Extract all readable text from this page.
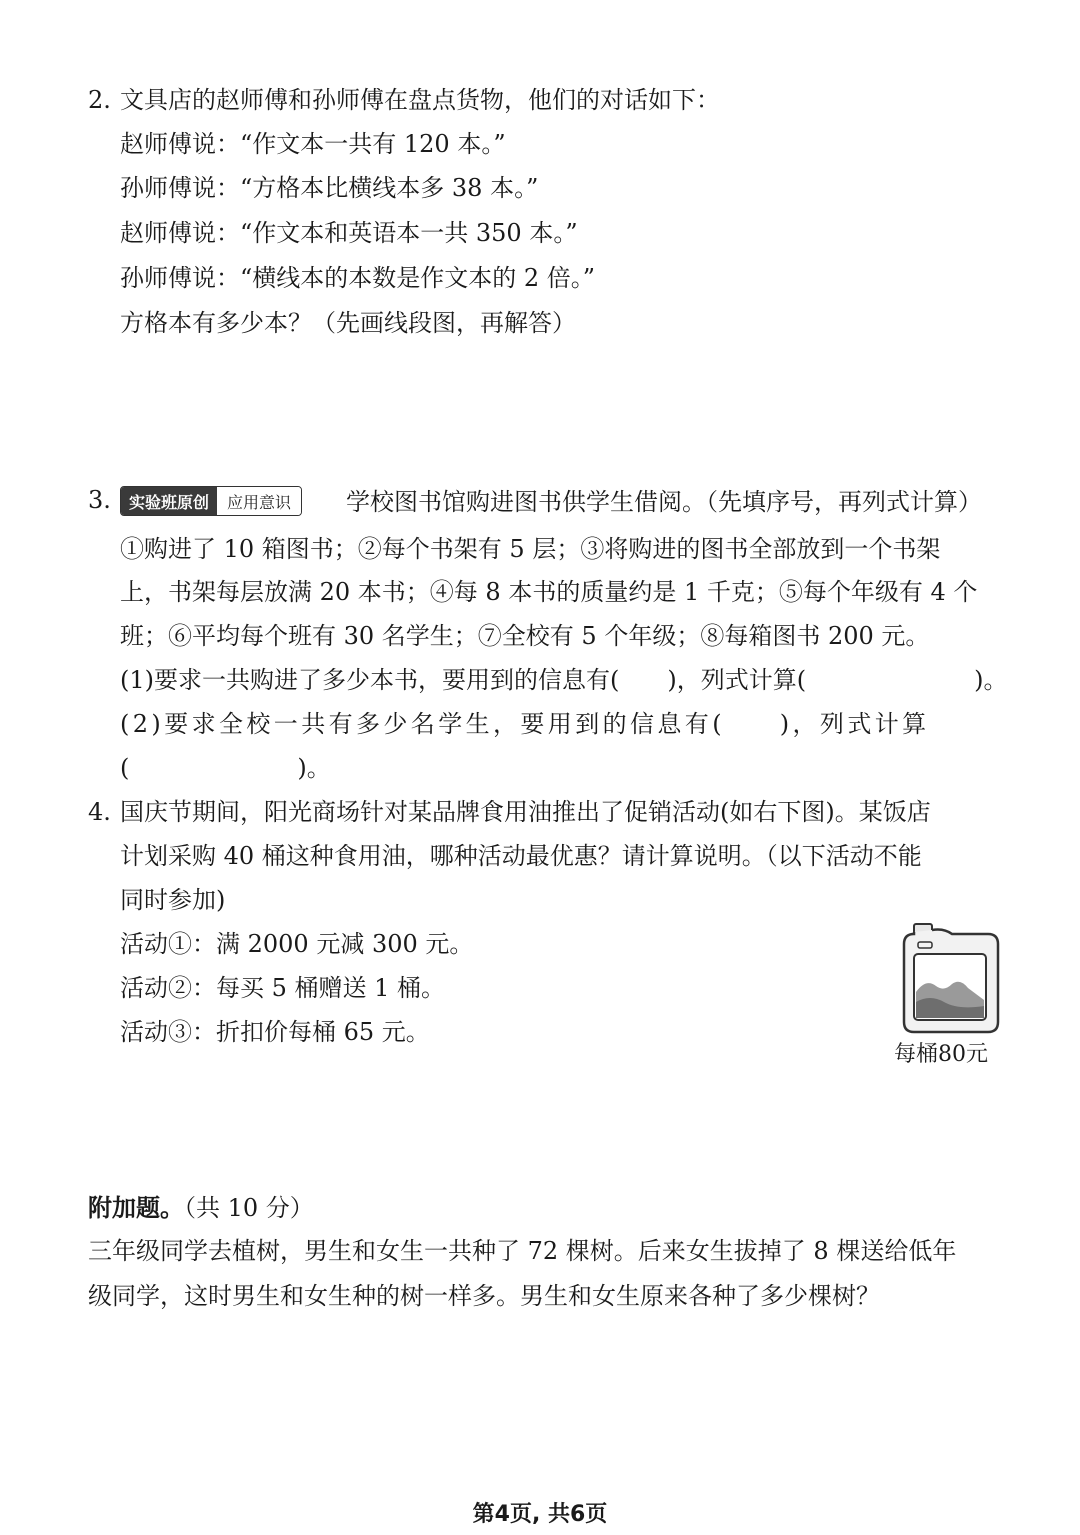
2. 文具店的赵师傅和孙师傅在盘点货物，他们的对话如下：
赵师傅说：“作文本一共有 120 本。”
孙师傅说：“方格本比横线本多 38 本。”
赵师傅说：“作文本和英语本一共 350 本。”
孙师傅说：“横线本的本数是作文本的 2 倍。”
方格本有多少本？（先画线段图，再解答）
3.	实验班原创	应用意识	学校图书馆购进图书供学生借阅。（先填序号，再列式计算）
①购进了 10 箱图书；②每个书架有 5 层；③将购进的图书全部放到一个书架
上，书架每层放满 20 本书；④每 8 本书的质量约是 1 千克；⑤每个年级有 4 个
班；⑥平均每个班有 30 名学生；⑦全校有 5 个年级；⑧每箱图书 200 元。
(1)要求一共购进了多少本书，要用到的信息有(　　)，列式计算(　　　　　　　)。
(2)要求全校一共有多少名学生，要用到的信息有(　　)，列式计算
(　　　　　　　)。
4. 国庆节期间，阳光商场针对某品牌食用油推出了促销活动(如右下图)。某饭店
计划采购 40 桶这种食用油，哪种活动最优惠？请计算说明。（以下活动不能
同时参加)
活动①：满 2000 元减 300 元。
活动②：每买 5 桶赠送 1 桶。
活动③：折扣价每桶 65 元。
每桶80元
附加题。（共 10 分）
三年级同学去植树，男生和女生一共种了 72 棵树。后来女生拔掉了 8 棵送给低年
级同学，这时男生和女生种的树一样多。男生和女生原来各种了多少棵树？
第4页, 共6页
